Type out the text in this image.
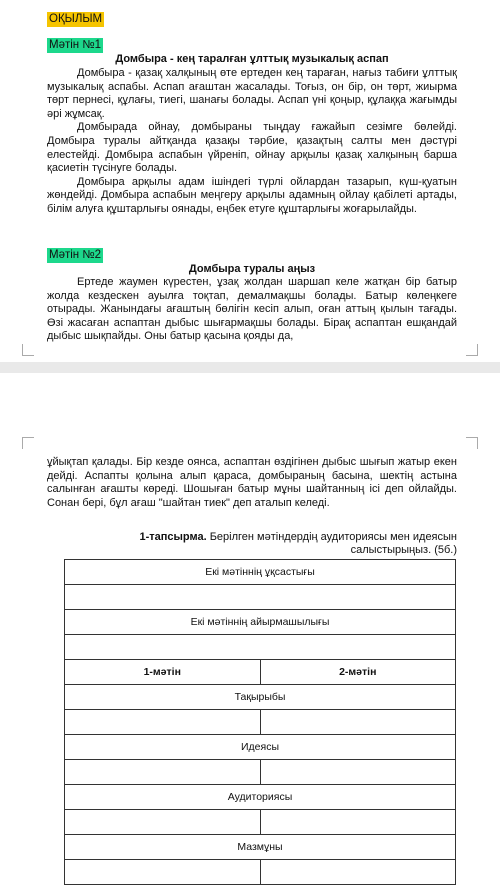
ОҚЫЛЫМ
Мәтін №1
Домбыра - кең таралған ұлттық музыкалық аспап
Домбыра - қазақ халқының өте ертеден кең тараған, нағыз табиғи ұлттық музыкалық аспабы. Аспап ағаштан жасалады. Тоғыз, он бір, он төрт, жиырма төрт пернесі, құлағы, тиегі, шанағы болады. Аспап үні қоңыр, құлаққа жағымды әрі жұмсақ.
Домбырада ойнау, домбыраны тыңдау ғажайып сезімге бөлейді. Домбыра туралы айтқанда қазақы тәрбие, қазақтың салты мен дәстүрі елестейді. Домбыра аспабын үйреніп, ойнау арқылы қазақ халқының барша қасиетін түсінуге болады.
Домбыра арқылы адам ішіндегі түрлі ойлардан тазарып, күш-қуатын жөндейді. Домбыра аспабын меңгеру арқылы адамның ойлау қабілеті артады, білім алуға құштарлығы оянады, еңбек етуге құштарлығы жоғарылайды.
Мәтін №2
Домбыра туралы аңыз
Ертеде жаумен күрестен, ұзақ жолдан шаршап келе жатқан бір батыр жолда кездескен ауылға тоқтап, демалмақшы болады. Батыр көлеңкеге отырады. Жанындағы ағаштың бөлігін кесіп алып, оған аттың қылын тағады. Өзі жасаған аспаптан дыбыс шығармақшы болады. Бірақ аспаптан ешқандай дыбыс шықпайды. Оны батыр қасына қояды да,

ұйықтап қалады. Бір кезде оянса, аспаптан өздігінен дыбыс шығып жатыр екен дейді. Аспапты қолына алып қараса, домбыраның басына, шектің астына салынған ағашты көреді. Шошыған батыр мұны шайтанның ісі деп ойлайды. Сонан бері, бұл ағаш "шайтан тиек" деп аталып келеді.

1-тапсырма. Берілген мәтіндердің аудиториясы мен идеясын
салыстырыңыз. (5б.)
Екі мәтіннің ұқсастығы	

Екі мәтіннің айырмашылығы	

1-мәтін	2-мәтін
Тақырыбы	

Идеясы	

Аудиториясы	

Мазмұны	
